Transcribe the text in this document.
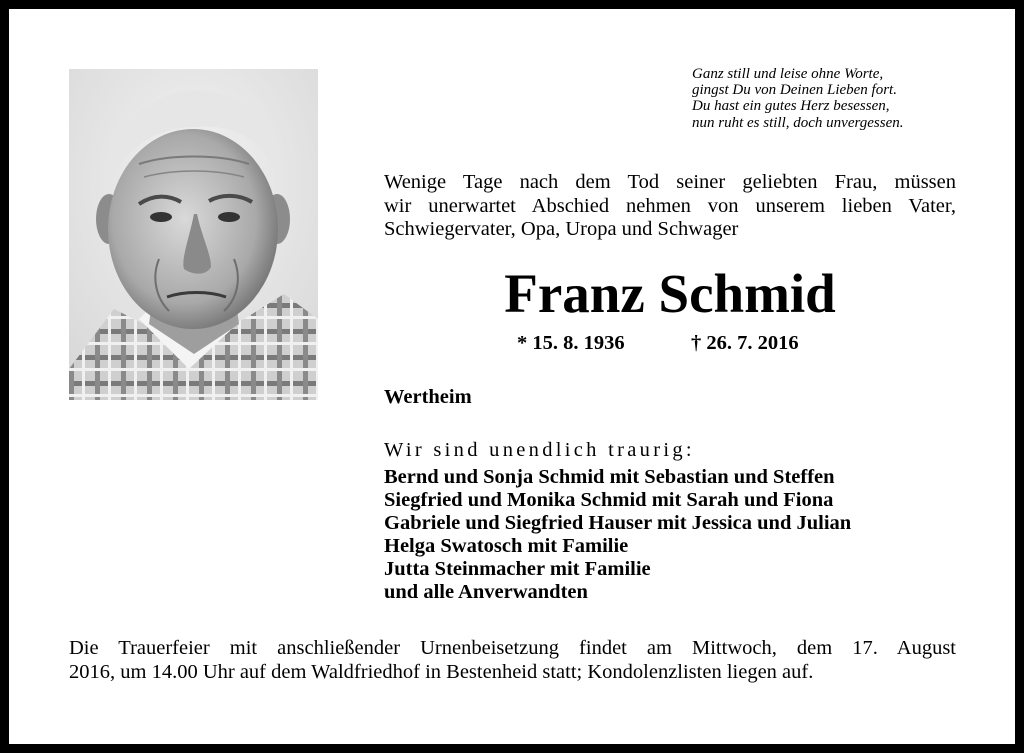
Ganz still und leise ohne Worte,
gingst Du von Deinen Lieben fort.
Du hast ein gutes Herz besessen,
nun ruht es still, doch unvergessen.
Wenige Tage nach dem Tod seiner geliebten Frau, müssen
wir unerwartet Abschied nehmen von unserem lieben Vater,
Schwiegervater, Opa, Uropa und Schwager
Franz Schmid
* 15. 8. 1936	† 26. 7. 2016
Wertheim
Wir sind unendlich traurig:
Bernd und Sonja Schmid mit Sebastian und Steffen
Siegfried und Monika Schmid mit Sarah und Fiona
Gabriele und Siegfried Hauser mit Jessica und Julian
Helga Swatosch mit Familie
Jutta Steinmacher mit Familie
und alle Anverwandten
Die Trauerfeier mit anschließender Urnenbeisetzung findet am Mittwoch, dem 17. August
2016, um 14.00 Uhr auf dem Waldfriedhof in Bestenheid statt; Kondolenzlisten liegen auf.
